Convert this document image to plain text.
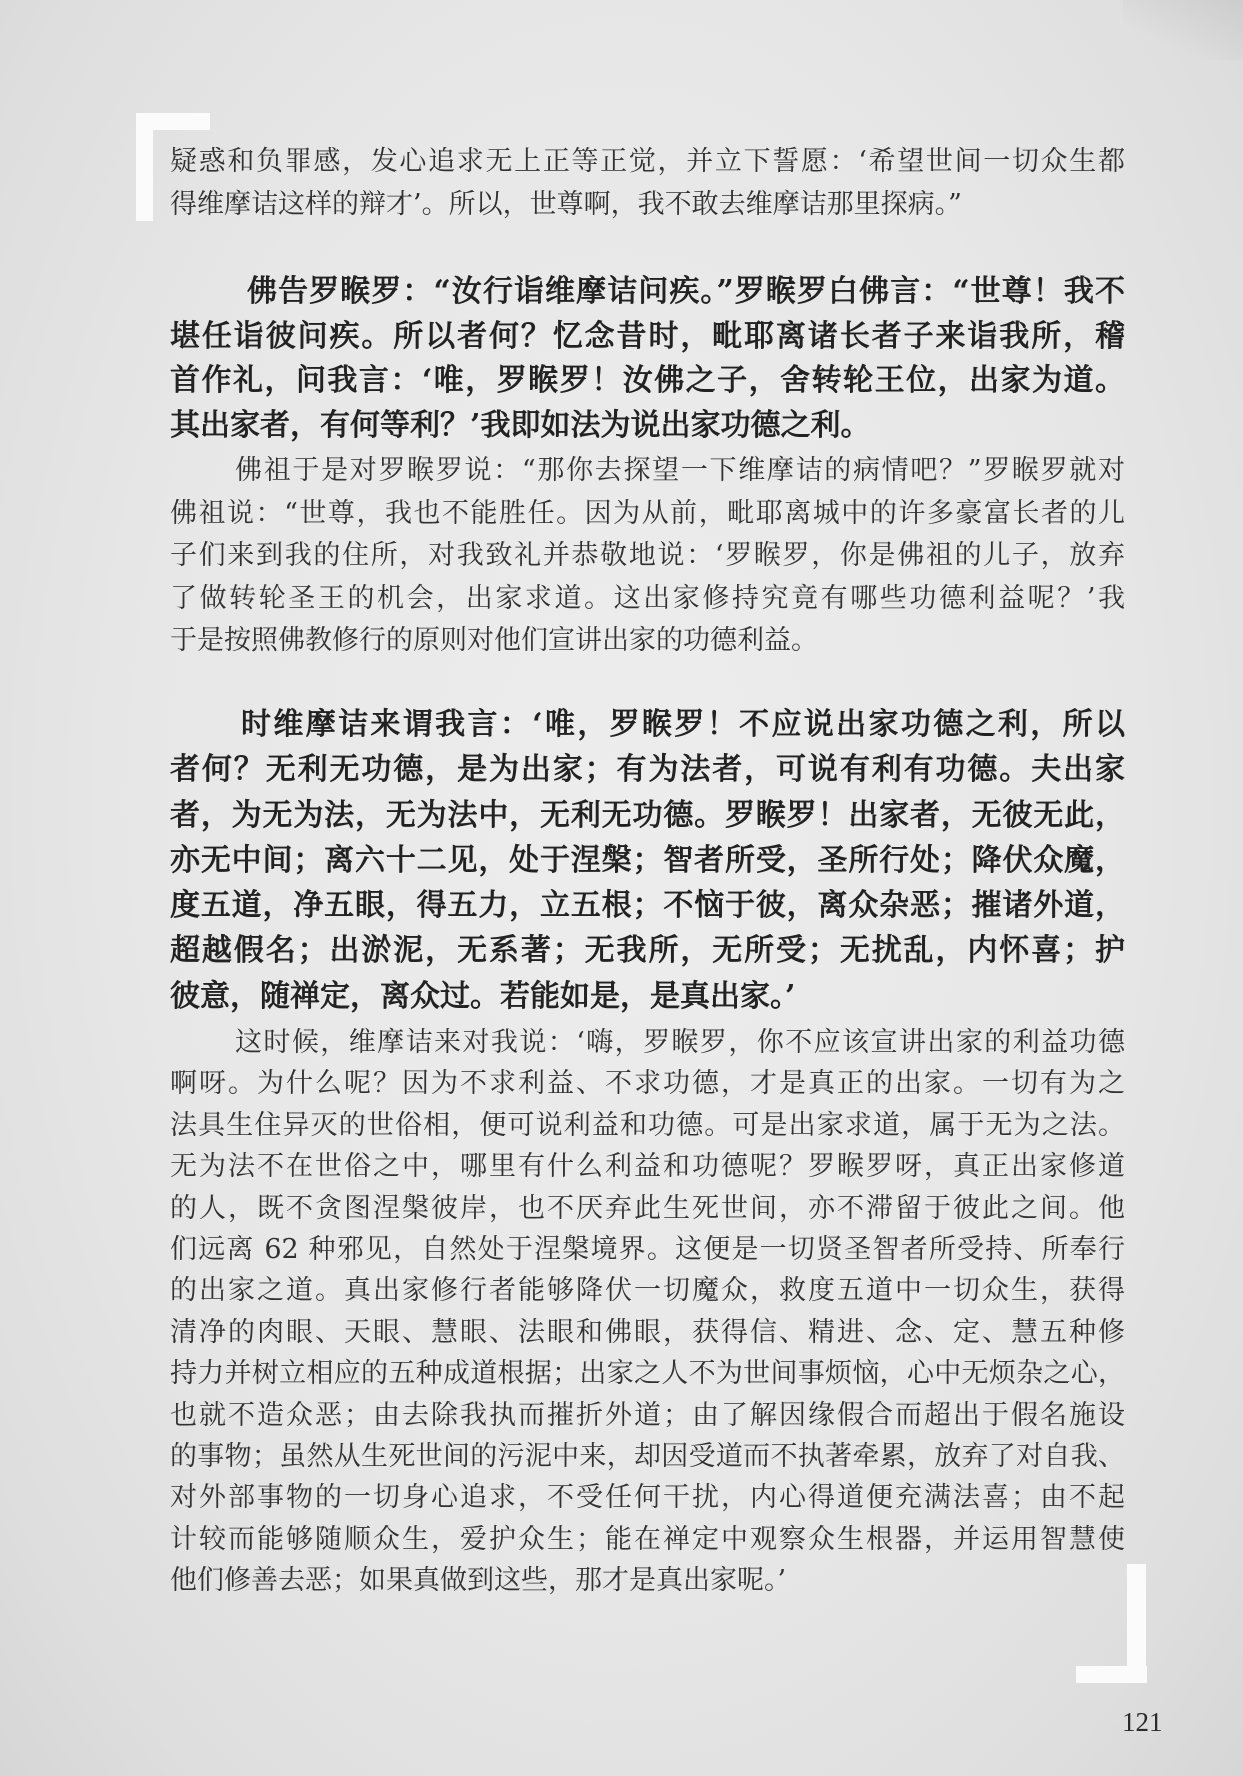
疑惑和负罪感，发心追求无上正等正觉，并立下誓愿：‘希望世间一切众生都
得维摩诘这样的辩才’。所以，世尊啊，我不敢去维摩诘那里探病。”
佛告罗睺罗：“汝行诣维摩诘问疾。”罗睺罗白佛言：“世尊！我不
堪任诣彼问疾。所以者何？忆念昔时，毗耶离诸长者子来诣我所，稽
首作礼，问我言：‘唯，罗睺罗！汝佛之子，舍转轮王位，出家为道。
其出家者，有何等利？’我即如法为说出家功德之利。
佛祖于是对罗睺罗说：“那你去探望一下维摩诘的病情吧？”罗睺罗就对
佛祖说：“世尊，我也不能胜任。因为从前，毗耶离城中的许多豪富长者的儿
子们来到我的住所，对我致礼并恭敬地说：‘罗睺罗，你是佛祖的儿子，放弃
了做转轮圣王的机会，出家求道。这出家修持究竟有哪些功德利益呢？’我
于是按照佛教修行的原则对他们宣讲出家的功德利益。
时维摩诘来谓我言：‘唯，罗睺罗！不应说出家功德之利，所以
者何？无利无功德，是为出家；有为法者，可说有利有功德。夫出家
者，为无为法，无为法中，无利无功德。罗睺罗！出家者，无彼无此，
亦无中间；离六十二见，处于涅槃；智者所受，圣所行处；降伏众魔，
度五道，净五眼，得五力，立五根；不恼于彼，离众杂恶；摧诸外道，
超越假名；出淤泥，无系著；无我所，无所受；无扰乱，内怀喜；护
彼意，随禅定，离众过。若能如是，是真出家。’
这时候，维摩诘来对我说：‘嗨，罗睺罗，你不应该宣讲出家的利益功德
啊呀。为什么呢？因为不求利益、不求功德，才是真正的出家。一切有为之
法具生住异灭的世俗相，便可说利益和功德。可是出家求道，属于无为之法。
无为法不在世俗之中，哪里有什么利益和功德呢？罗睺罗呀，真正出家修道
的人，既不贪图涅槃彼岸，也不厌弃此生死世间，亦不滞留于彼此之间。他
们远离 62 种邪见，自然处于涅槃境界。这便是一切贤圣智者所受持、所奉行
的出家之道。真出家修行者能够降伏一切魔众，救度五道中一切众生，获得
清净的肉眼、天眼、慧眼、法眼和佛眼，获得信、精进、念、定、慧五种修
持力并树立相应的五种成道根据；出家之人不为世间事烦恼，心中无烦杂之心，
也就不造众恶；由去除我执而摧折外道；由了解因缘假合而超出于假名施设
的事物；虽然从生死世间的污泥中来，却因受道而不执著牵累，放弃了对自我、
对外部事物的一切身心追求，不受任何干扰，内心得道便充满法喜；由不起
计较而能够随顺众生，爱护众生；能在禅定中观察众生根器，并运用智慧使
他们修善去恶；如果真做到这些，那才是真出家呢。’
121
